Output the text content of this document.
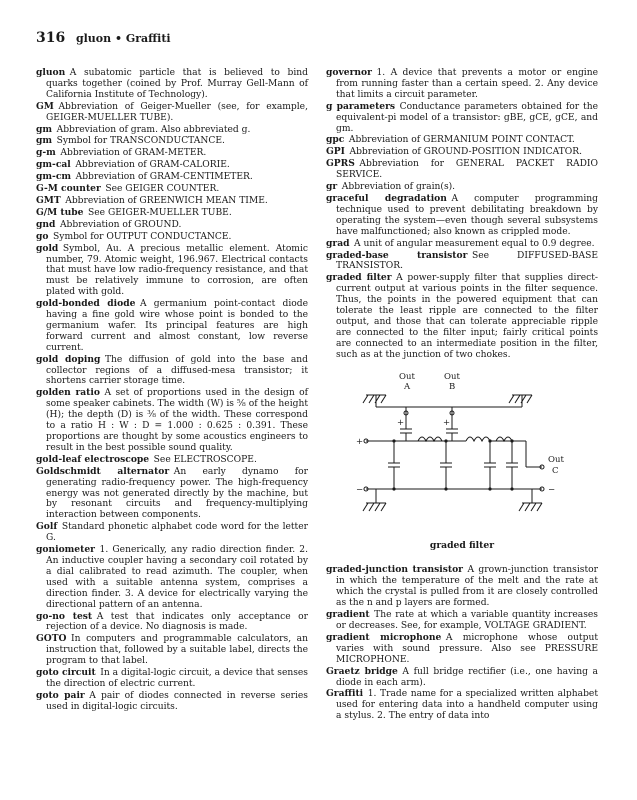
316 gluon • Graffiti

gluon  A subatomic particle that is believed to bind quarks together (coined by Prof. Murray Gell-Mann of California Institute of Technology).

GM  Abbreviation of Geiger-Mueller (see, for example, GEIGER-MUELLER TUBE).

gm  Abbreviation of gram. Also abbreviated g.

gm  Symbol for TRANSCONDUCTANCE.

g-m  Abbreviation of GRAM-METER.

gm-cal  Abbreviation of GRAM-CALORIE.

gm-cm  Abbreviation of GRAM-CENTIMETER.

G-M counter  See GEIGER COUNTER.

GMT  Abbreviation of GREENWICH MEAN TIME.

G/M tube  See GEIGER-MUELLER TUBE.

gnd  Abbreviation of GROUND.

go  Symbol for OUTPUT CONDUCTANCE.

gold  Symbol, Au. A precious metallic element. Atomic number, 79. Atomic weight, 196.967. Electrical contacts that must have low radio-frequency resistance, and that must be relatively immune to corrosion, are often plated with gold.

gold-bonded diode  A germanium point-contact diode having a fine gold wire whose point is bonded to the germanium wafer. Its principal features are high forward current and almost constant, low reverse current.

gold doping  The diffusion of gold into the base and collector regions of a diffused-mesa transistor; it shortens carrier storage time.

golden ratio  A set of proportions used in the design of some speaker cabinets. The width (W) is ⅝ of the height (H); the depth (D) is ⅜ of the width. These correspond to a ratio H : W : D = 1.000 : 0.625 : 0.391. These proportions are thought by some acoustics engineers to result in the best possible sound quality.

gold-leaf electroscope  See ELECTROSCOPE.

Goldschmidt alternator  An early dynamo for generating radio-frequency power. The high-frequency energy was not generated directly by the machine, but by resonant circuits and frequency-multiplying interaction between components.

Golf  Standard phonetic alphabet code word for the letter G.

goniometer  1. Generically, any radio direction finder. 2. An inductive coupler having a secondary coil rotated by a dial calibrated to read azimuth. The coupler, when used with a suitable antenna system, comprises a direction finder. 3. A device for electrically varying the directional pattern of an antenna.

go-no test  A test that indicates only acceptance or rejection of a device. No diagnosis is made.

GOTO  In computers and programmable calculators, an instruction that, followed by a suitable label, directs the program to that label.

goto circuit  In a digital-logic circuit, a device that senses the direction of electric current.

goto pair  A pair of diodes connected in reverse series used in digital-logic circuits.

governor  1. A device that prevents a motor or engine from running faster than a certain speed. 2. Any device that limits a circuit parameter.

g parameters  Conductance parameters obtained for the equivalent-pi model of a transistor: gBE, gCE, gCE, and gm.

gpc  Abbreviation of GERMANIUM POINT CONTACT.

GPI  Abbreviation of GROUND-POSITION INDICATOR.

GPRS  Abbreviation for GENERAL PACKET RADIO SERVICE.

gr  Abbreviation of grain(s).

graceful degradation  A computer programming technique used to prevent debilitating breakdown by operating the system—even though several subsystems have malfunctioned; also known as crippled mode.

grad  A unit of angular measurement equal to 0.9 degree.

graded-base transistor  See DIFFUSED-BASE TRANSISTOR.

graded filter  A power-supply filter that supplies direct-current output at various points in the filter sequence. Thus, the points in the powered equipment that can tolerate the least ripple are connected to the filter output, and those that can tolerate appreciable ripple are connected to the filter input; fairly critical points are connected to an intermediate position in the filter, such as at the junction of two chokes.

Out
A
Out
B
+	+
+
−
Out
C
−
graded filter

graded-junction transistor  A grown-junction transistor in which the temperature of the melt and the rate at which the crystal is pulled from it are closely controlled as the n and p layers are formed.

gradient  The rate at which a variable quantity increases or decreases. See, for example, VOLTAGE GRADIENT.

gradient microphone  A microphone whose output varies with sound pressure. Also see PRESSURE MICROPHONE.

Graetz bridge  A full bridge rectifier (i.e., one having a diode in each arm).

Graffiti  1. Trade name for a specialized written alphabet used for entering data into a handheld computer using a stylus. 2. The entry of data into
